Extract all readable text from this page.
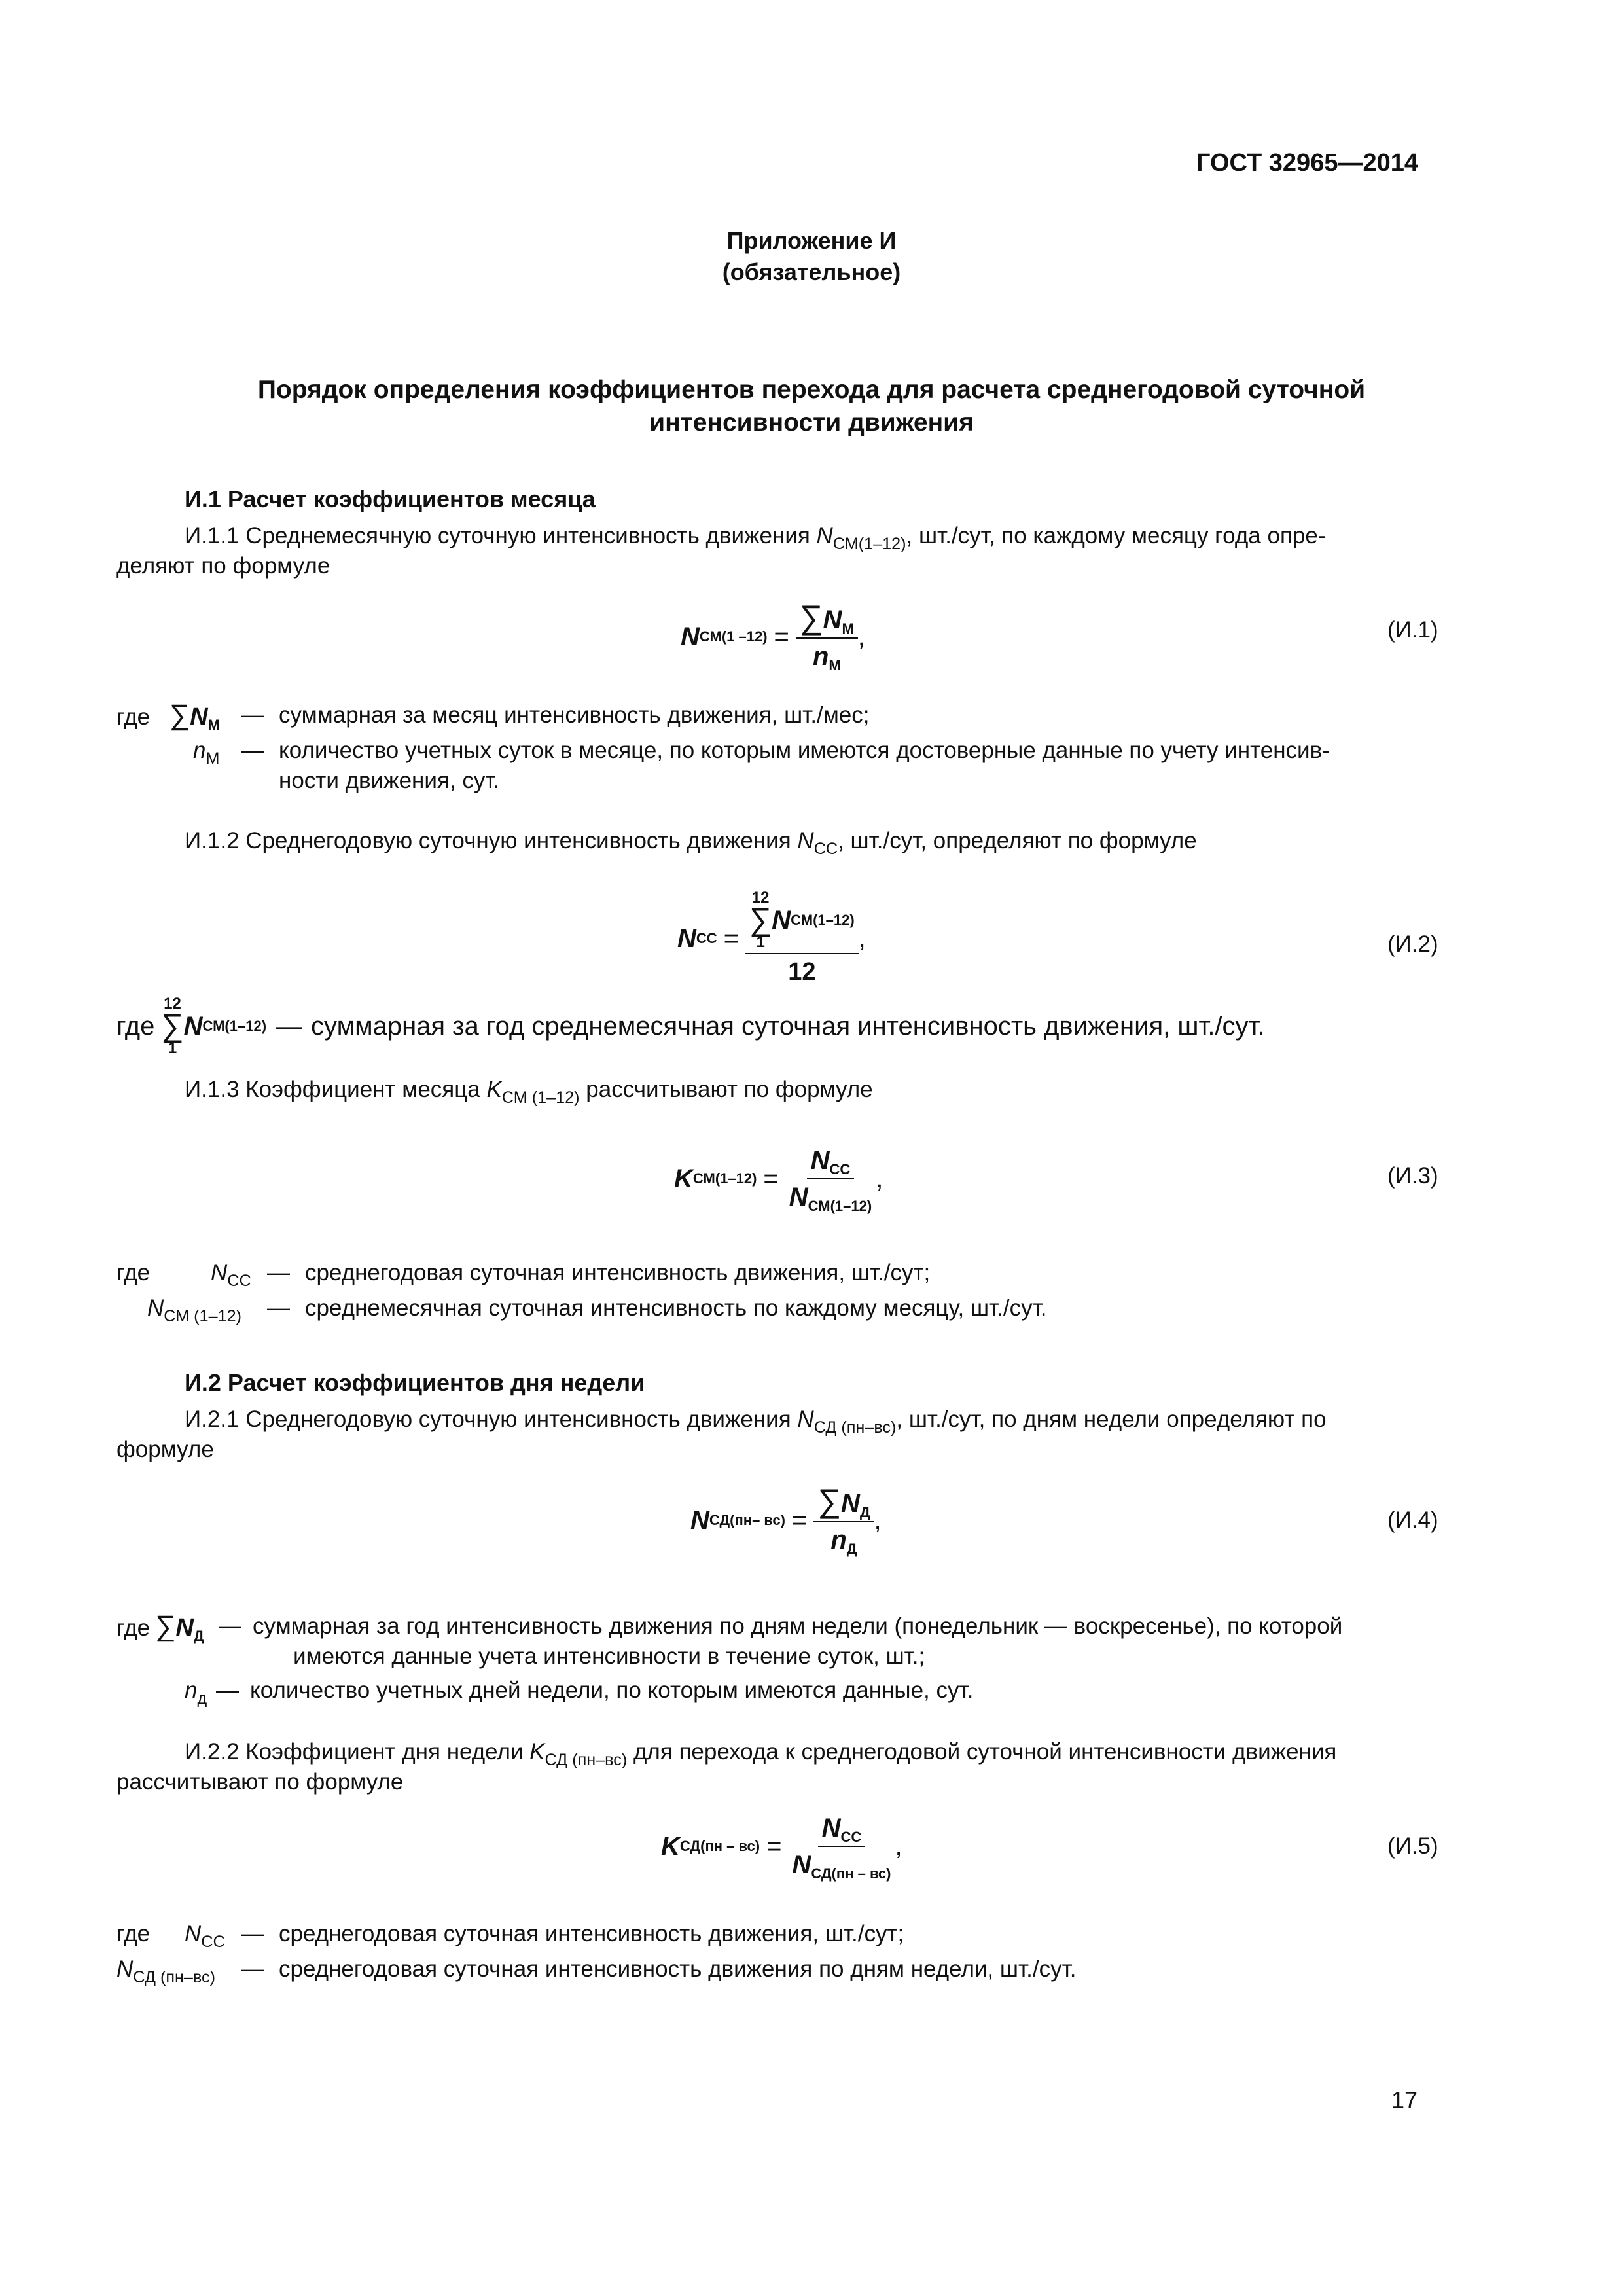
ГОСТ 32965—2014
Приложение И
(обязательное)
Порядок определения коэффициентов перехода для расчета среднегодовой суточной
интенсивности движения
И.1 Расчет коэффициентов месяца
И.1.1 Среднемесячную суточную интенсивность движения $N_{СМ(1-12)}$, шт./сут, по каждому месяцу года опре-
деляют по формуле
N СМ(1 $-12) = \frac{\sum N_М}{n_М}$ ,	(И.1)
где $\sum N_М$ — суммарная за месяц интенсивность движения, шт./мес;
$n_М$ — количество учетных суток в месяце, по которым имеются достоверные данные по учету интенсив-
ности движения, сут.
И.1.2 Среднегодовую суточную интенсивность движения $N_{СС}$, шт./сут, определяют по формуле
N СС = 12
∑
1
N СМ(1–12)
12 ,	(И.2)
где
12
∑
1
N СМ(1–12) — суммарная за год среднемесячная суточная интенсивность движения, шт./сут.
И.1.3 Коэффициент месяца $K_{СМ (1-12)}$ рассчитывают по формуле
K $СМ(1-12) = \frac{N_{СС}}{N_{СМ(1-12)}}$ ,	(И.3)
где	$N_{СС}$ — среднегодовая суточная интенсивность движения, шт./сут;
$N_{СМ (1-12)}$ — среднемесячная суточная интенсивность по каждому месяцу, шт./сут.
И.2 Расчет коэффициентов дня недели
И.2.1 Среднегодовую суточную интенсивность движения $N_{СД (пн-вс)}$, шт./сут, по дням недели определяют по
формуле
N СД(пн– $вс) = \frac{\sum N_Д}{n_Д}$ ,	(И.4)
где $\sum N_Д$ — суммарная за год интенсивность движения по дням недели (понедельник — воскресенье), по которой
имеются данные учета интенсивности в течение суток, шт.;
$n_д$ — количество учетных дней недели, по которым имеются данные, сут.
И.2.2 Коэффициент дня недели $K_{СД (пн-вс)}$ для перехода к среднегодовой суточной интенсивности движения
рассчитывают по формуле
K $СД(пн - вс) = \frac{N_{СС}}{N_{СД(пн - вс)}}$ ,	(И.5)
где $N_{СС}$ — среднегодовая суточная интенсивность движения, шт./сут;
$N_{СД (пн-вс)}$ — среднегодовая суточная интенсивность движения по дням недели, шт./сут.
17
